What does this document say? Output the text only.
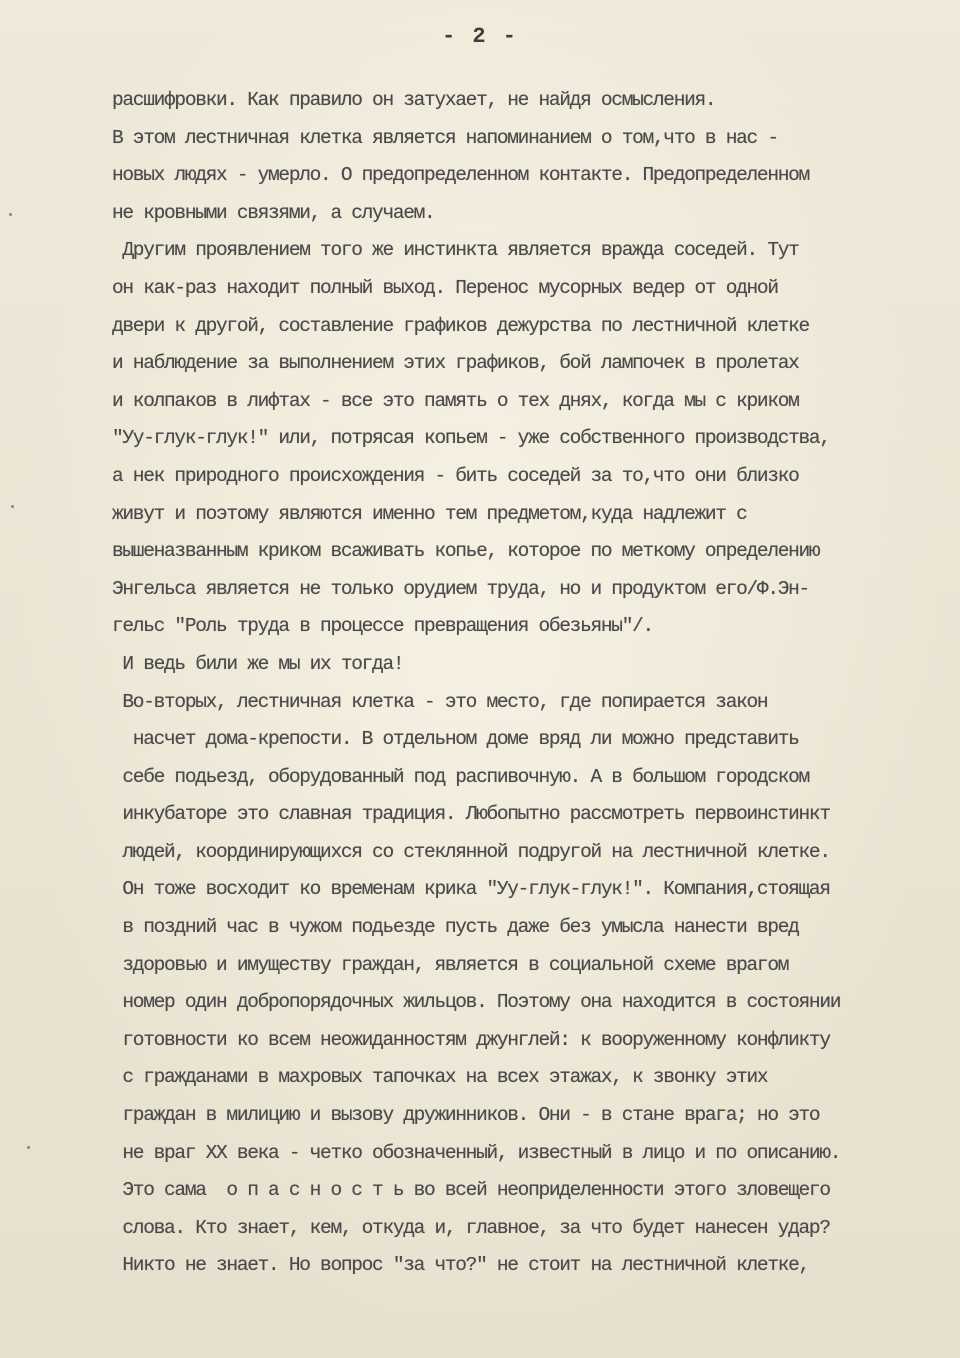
- 2 -
расшифровки. Как правило он затухает, не найдя осмысления.
В этом лестничная клетка является напоминанием о том,что в нас -
новых людях - умерло. О предопределенном контакте. Предопределенном
не кровными связями, а случаем.
Другим проявлением того же инстинкта является вражда соседей. Тут
он как-раз находит полный выход. Перенос мусорных ведер от одной
двери к другой, составление графиков дежурства по лестничной клетке
и наблюдение за выполнением этих графиков, бой лампочек в пролетах
и колпаков в лифтах - все это память о тех днях, когда мы с криком
"Уу-глук-глук!" или, потрясая копьем - уже собственного производства,
а нек природного происхождения - бить соседей за то,что они близко
живут и поэтому являются именно тем предметом,куда надлежит с
вышеназванным криком всаживать копье, которое по меткому определению
Энгельса является не только орудием труда, но и продуктом его/Ф.Эн-
гельс "Роль труда в процессе превращения обезьяны"/.
И ведь били же мы их тогда!
Во-вторых, лестничная клетка - это место, где попирается закон
насчет дома-крепости. В отдельном доме вряд ли можно представить
себе подьезд, оборудованный под распивочную. А в большом городском
инкубаторе это славная традиция. Любопытно рассмотреть первоинстинкт
людей, координирующихся со стеклянной подругой на лестничной клетке.
Он тоже восходит ко временам крика "Уу-глук-глук!". Компания,стоящая
в поздний час в чужом подьезде пусть даже без умысла нанести вред
здоровью и имуществу граждан, является в социальной схеме врагом
номер один добропорядочных жильцов. Поэтому она находится в состоянии
готовности ко всем неожиданностям джунглей: к вооруженному конфликту
с гражданами в махровых тапочках на всех этажах, к звонку этих
граждан в милицию и вызову дружинников. Они - в стане врага; но это
не враг XX века - четко обозначенный, известный в лицо и по описанию.
Это сама  о п а с н о с т ь во всей неоприделенности этого зловещего
слова. Кто знает, кем, откуда и, главное, за что будет нанесен удар?
Никто не знает. Но вопрос "за что?" не стоит на лестничной клетке,
